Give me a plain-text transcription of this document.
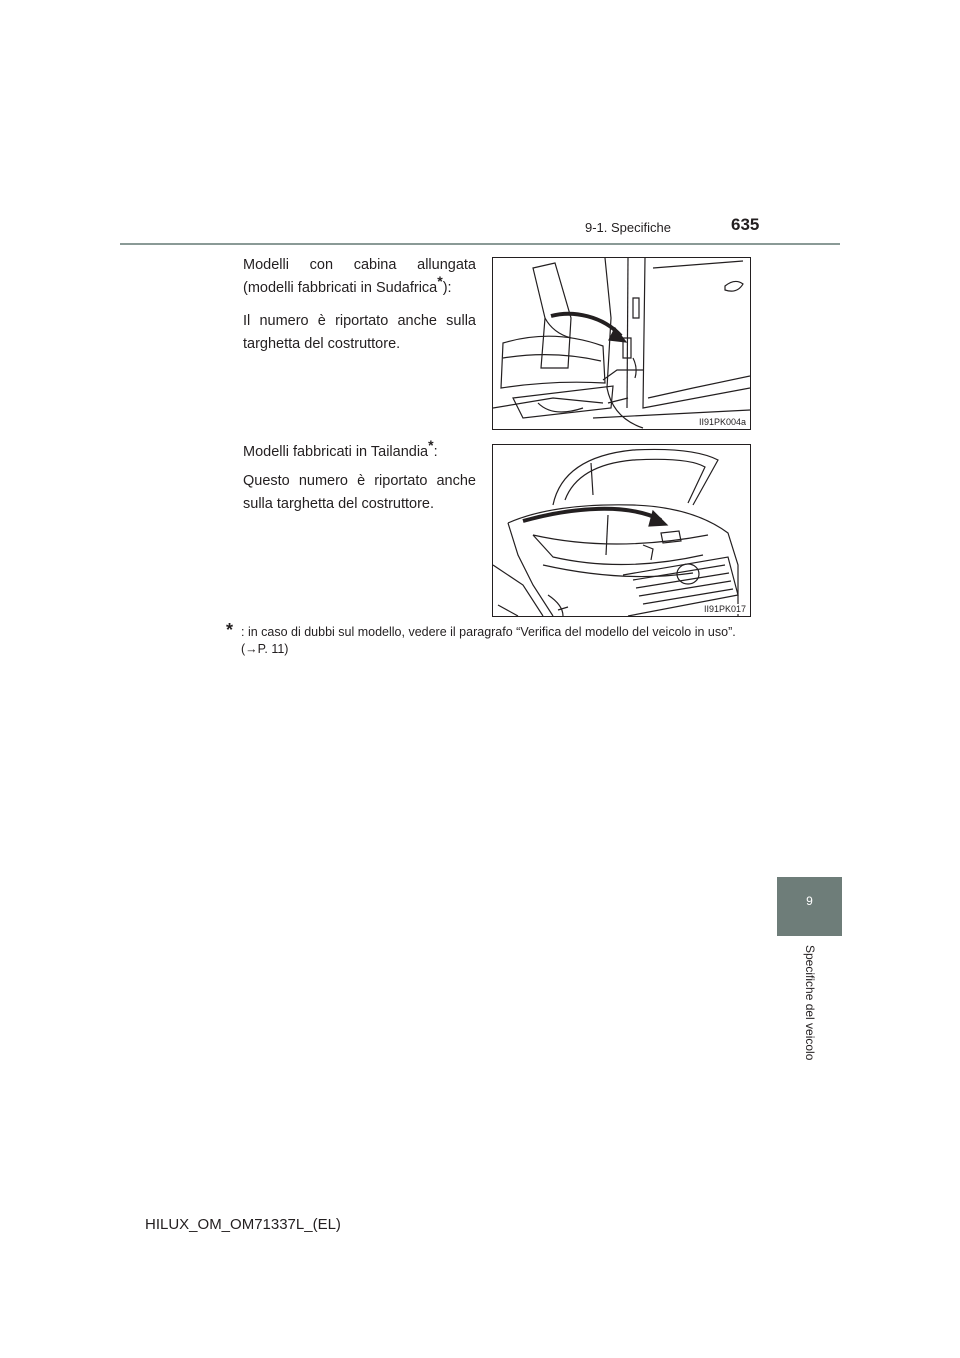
9-1. Specifiche	635

Modelli con cabina allungata (modelli fabbricati in Sudafrica*):

Il numero è riportato anche sulla targhetta del costruttore.

II91PK004a

Modelli fabbricati in Tailandia*:

Questo numero è riportato anche sulla targhetta del costruttore.

II91PK017
* : in caso di dubbi sul modello, vedere il paragrafo “Verifica del modello del veicolo in uso”. (→P. 11)
9
Specifiche del veicolo
HILUX_OM_OM71337L_(EL)
